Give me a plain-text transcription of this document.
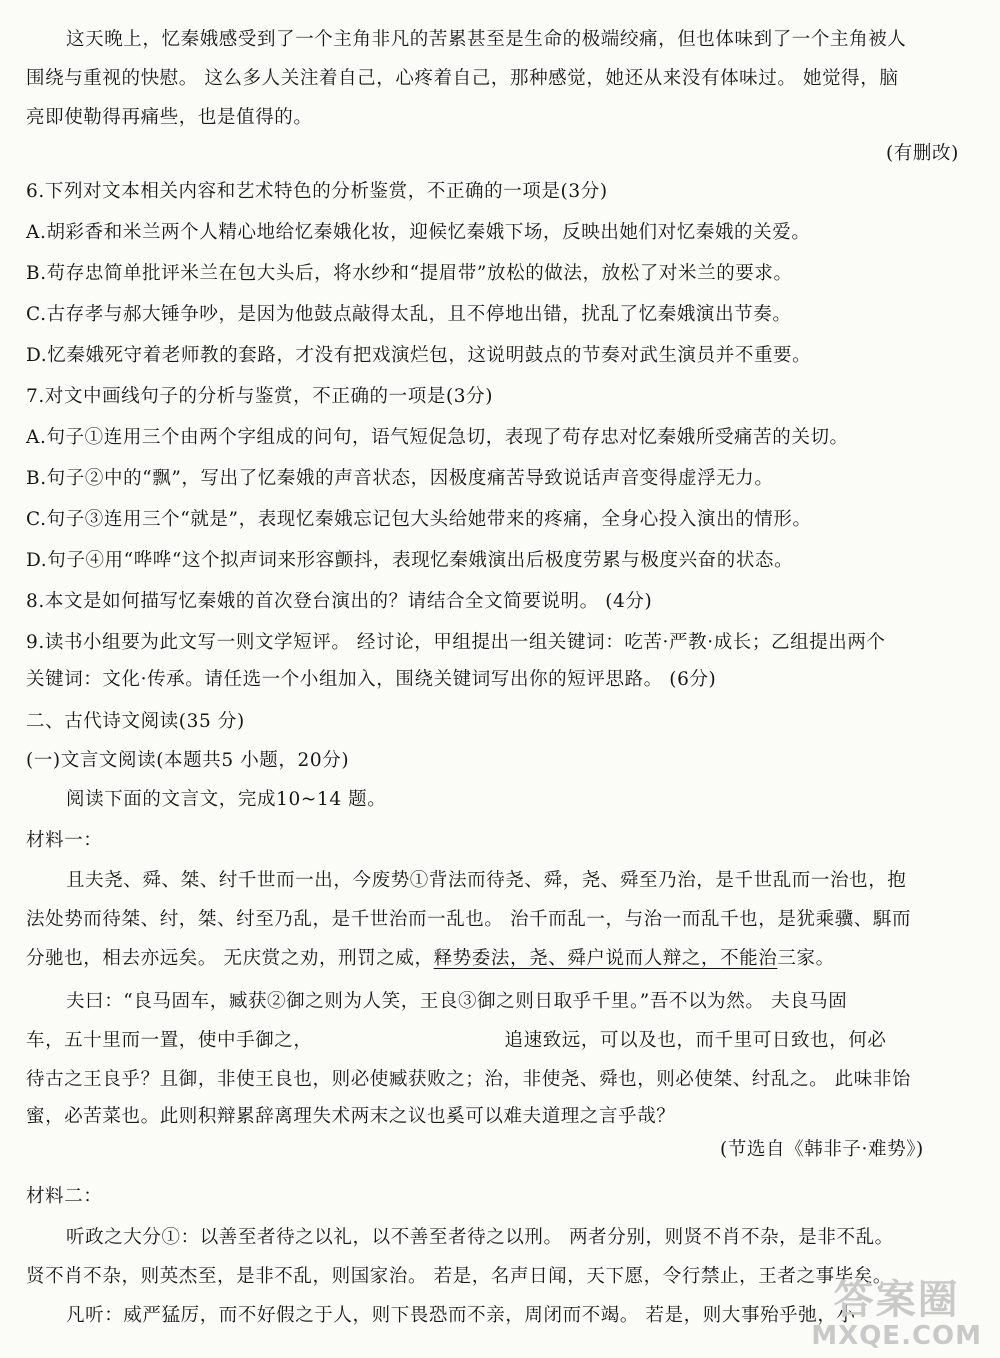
这天晚上，忆秦娥感受到了一个主角非凡的苦累甚至是生命的极端绞痛，但也体味到了一个主角被人
围绕与重视的快慰。 这么多人关注着自己，心疼着自己，那种感觉，她还从来没有体味过。 她觉得，脑
亮即使勒得再痛些，也是值得的。
(有删改)
6.下列对文本相关内容和艺术特色的分析鉴赏，不正确的一项是(3分)
A.胡彩香和米兰两个人精心地给忆秦娥化妆，迎候忆秦娥下场，反映出她们对忆秦娥的关爱。
B.苟存忠简单批评米兰在包大头后，将水纱和“提眉带”放松的做法，放松了对米兰的要求。
C.古存孝与郝大锤争吵，是因为他鼓点敲得太乱，且不停地出错，扰乱了忆秦娥演出节奏。
D.忆秦娥死守着老师教的套路，才没有把戏演烂包，这说明鼓点的节奏对武生演员并不重要。
7.对文中画线句子的分析与鉴赏，不正确的一项是(3分)
A.句子①连用三个由两个字组成的问句，语气短促急切，表现了苟存忠对忆秦娥所受痛苦的关切。
B.句子②中的“飘”，写出了忆秦娥的声音状态，因极度痛苦导致说话声音变得虚浮无力。
C.句子③连用三个“就是”，表现忆秦娥忘记包大头给她带来的疼痛，全身心投入演出的情形。
D.句子④用“哗哗“这个拟声词来形容颤抖，表现忆秦娥演出后极度劳累与极度兴奋的状态。
8.本文是如何描写忆秦娥的首次登台演出的？请结合全文简要说明。 (4分)
9.读书小组要为此文写一则文学短评。 经讨论，甲组提出一组关键词：吃苦·严教·成长；乙组提出两个
关键词：文化·传承。请任选一个小组加入，围绕关键词写出你的短评思路。 (6分)
二、古代诗文阅读(35 分)
(一)文言文阅读(本题共5 小题，20分)
阅读下面的文言文，完成10~14 题。
材料一：
且夫尧、舜、桀、纣千世而一出，今废势①背法而待尧、舜，尧、舜至乃治，是千世乱而一治也，抱
法处势而待桀、纣，桀、纣至乃乱，是千世治而一乱也。 治千而乱一，与治一而乱千也，是犹乘骥、駬而
分驰也，相去亦远矣。 无庆赏之劝，刑罚之威，释势委法，尧、舜户说而人辩之，不能治三家。
夫曰：“良马固车，臧获②御之则为人笑，王良③御之则日取乎千里。”吾不以为然。 夫良马固
车，五十里而一置，使中手御之，	追速致远，可以及也，而千里可日致也，何必
待古之王良乎？且御，非使王良也，则必使臧获败之；治，非使尧、舜也，则必使桀、纣乱之。 此味非饴
蜜，必苦菜也。此则积辩累辞离理失术两末之议也奚可以难夫道理之言乎哉？
(节选自《韩非子·难势》)
材料二：
听政之大分①：以善至者待之以礼，以不善至者待之以刑。 两者分别，则贤不肖不杂，是非不乱。
贤不肖不杂，则英杰至，是非不乱，则国家治。 若是，名声日闻，天下愿，令行禁止，王者之事毕矣。
凡听：威严猛厉，而不好假之于人，则下畏恐而不亲，周闭而不竭。 若是，则大事殆乎弛，小
答案圈
MXQE.COM
